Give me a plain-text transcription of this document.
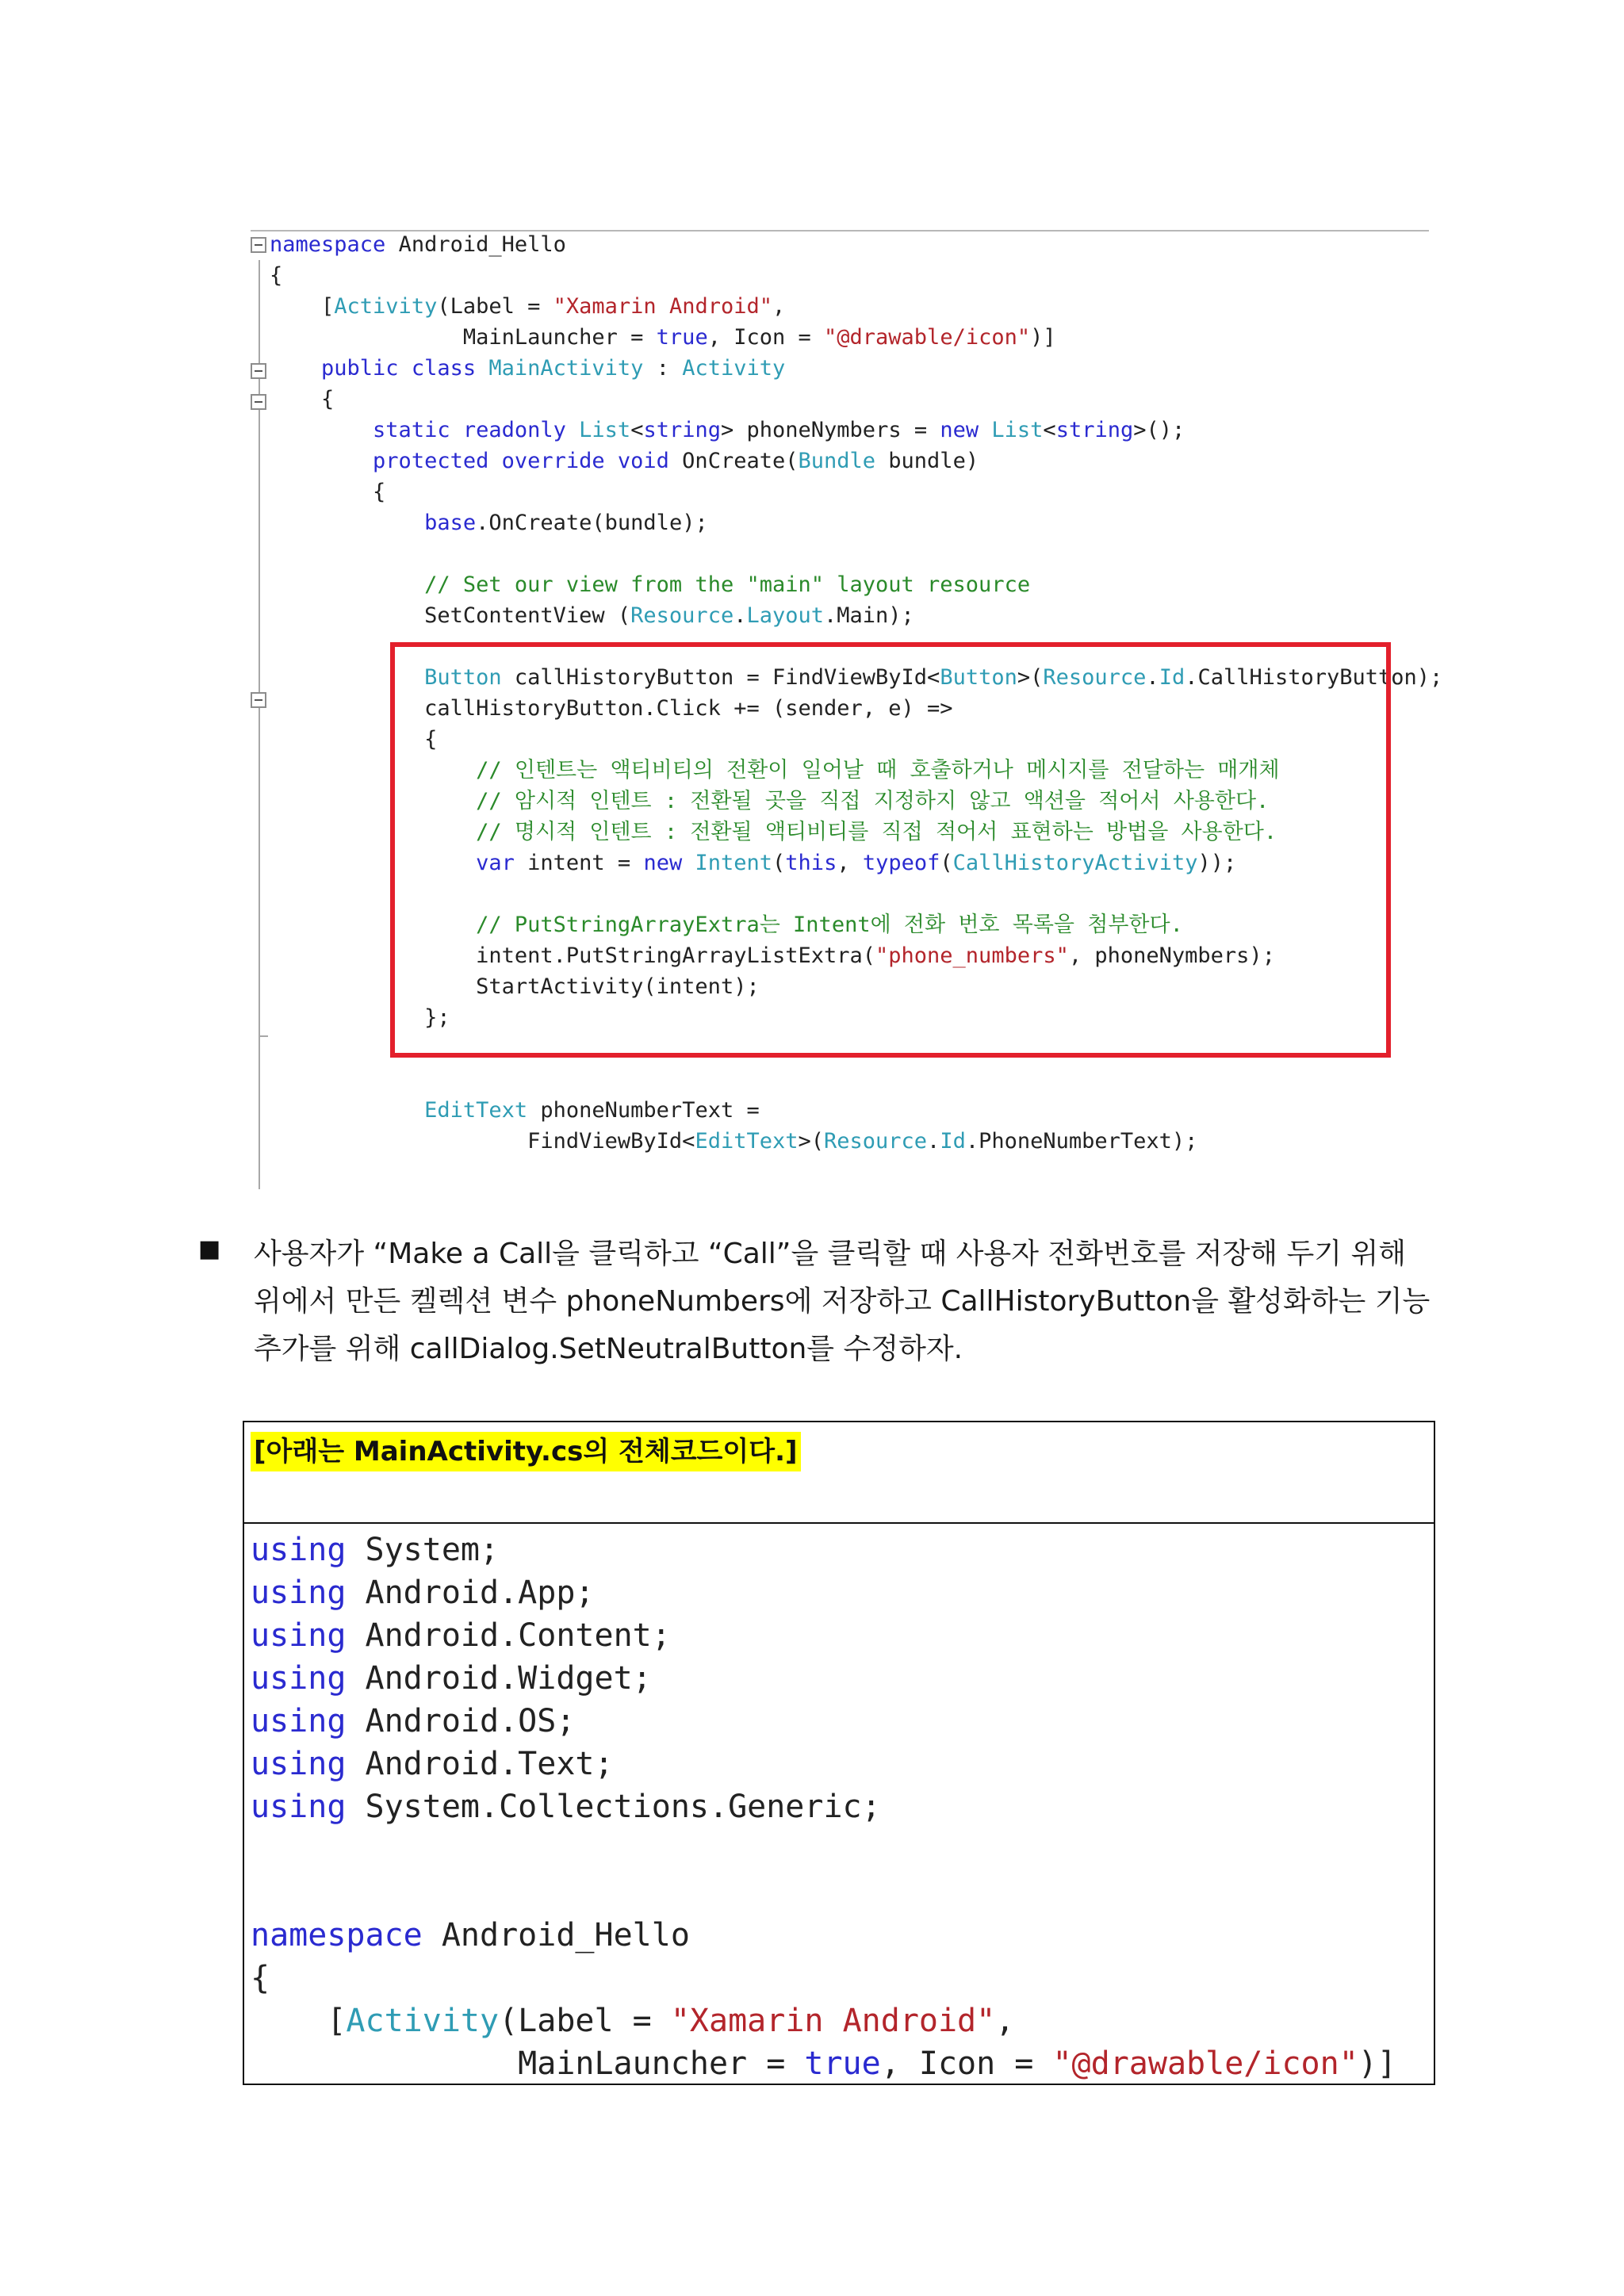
namespace Android_Hello
{
[Activity(Label = "Xamarin Android",
MainLauncher = true, Icon = "@drawable/icon")]
public class MainActivity : Activity
{
static readonly List<string> phoneNymbers = new List<string>();
protected override void OnCreate(Bundle bundle)
{
base.OnCreate(bundle);
// Set our view from the "main" layout resource
SetContentView (Resource.Layout.Main);
Button callHistoryButton = FindViewById<Button>(Resource.Id.CallHistoryButton);
callHistoryButton.Click += (sender, e) =>
{
// 인텐트는 액티비티의 전환이 일어날 때 호출하거나 메시지를 전달하는 매개체
// 암시적 인텐트 : 전환될 곳을 직접 지정하지 않고 액션을 적어서 사용한다.
// 명시적 인텐트 : 전환될 액티비티를 직접 적어서 표현하는 방법을 사용한다.
var intent = new Intent(this, typeof(CallHistoryActivity));
// PutStringArrayExtra는 Intent에 전화 번호 목록을 첨부한다.
intent.PutStringArrayListExtra("phone_numbers", phoneNymbers);
StartActivity(intent);
};
EditText phoneNumberText =
FindViewById<EditText>(Resource.Id.PhoneNumberText);
■ 사용자가 “Make a Call을 클릭하고 “Call”을 클릭할 때 사용자 전화번호를 저장해 두기 위해
위에서 만든 켈렉션 변수 phoneNumbers에 저장하고 CallHistoryButton을 활성화하는 기능
추가를 위해 callDialog.SetNeutralButton를 수정하자.
[아래는 MainActivity.cs의 전체코드이다.]
using System;
using Android.App;
using Android.Content;
using Android.Widget;
using Android.OS;
using Android.Text;
using System.Collections.Generic;
namespace Android_Hello
{
[Activity(Label = "Xamarin Android",
MainLauncher = true, Icon = "@drawable/icon")]
